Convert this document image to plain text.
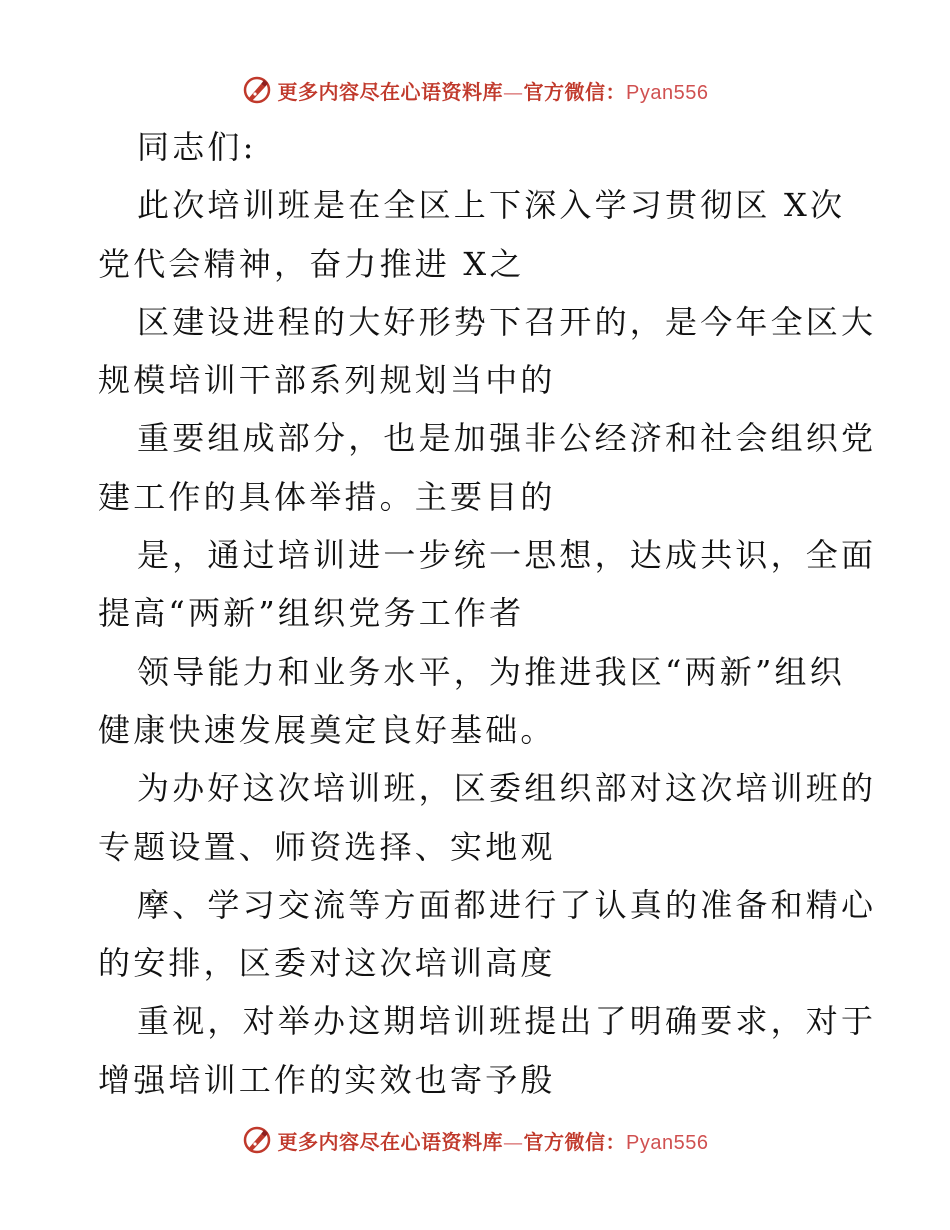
更多内容尽在心语资料库—官方微信：Pyan556
同志们:
此次培训班是在全区上下深入学习贯彻区 X次
党代会精神，奋力推进 X之
区建设进程的大好形势下召开的，是今年全区大
规模培训干部系列规划当中的
重要组成部分，也是加强非公经济和社会组织党
建工作的具体举措。主要目的
是，通过培训进一步统一思想，达成共识，全面
提高“两新”组织党务工作者
领导能力和业务水平，为推进我区“两新”组织
健康快速发展奠定良好基础。
为办好这次培训班，区委组织部对这次培训班的
专题设置、师资选择、实地观
摩、学习交流等方面都进行了认真的准备和精心
的安排，区委对这次培训高度
重视，对举办这期培训班提出了明确要求，对于
增强培训工作的实效也寄予殷
更多内容尽在心语资料库—官方微信：Pyan556
